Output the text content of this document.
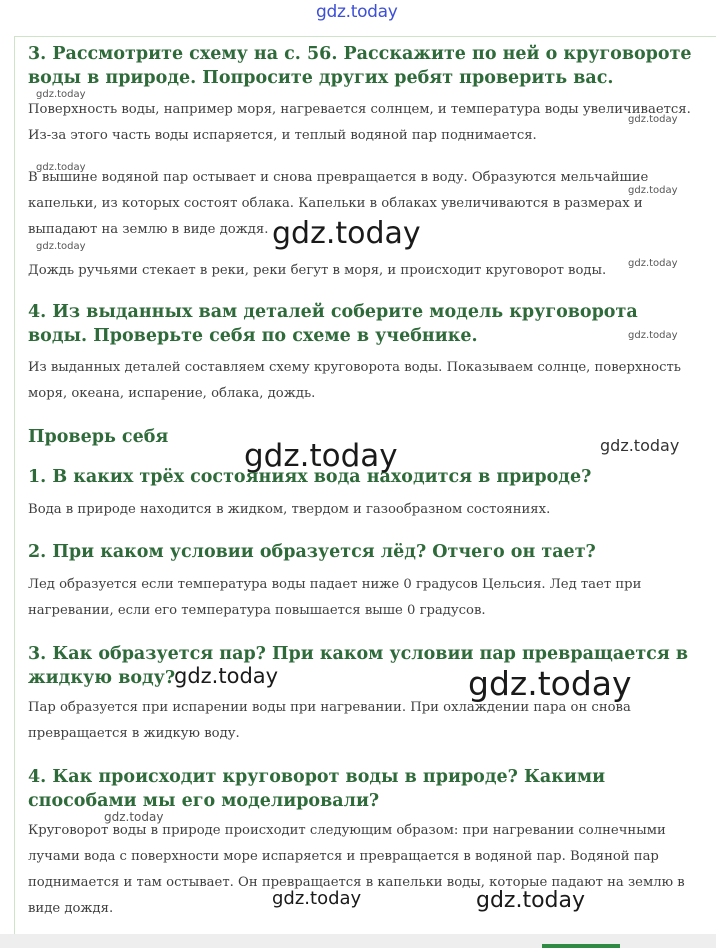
gdz.today
3. Рассмотрите схему на с. 56. Расскажите по ней о круговороте воды в природе. Попросите других ребят проверить вас.

Поверхность воды, например моря, нагревается солнцем, и температура воды увеличивается. Из-за этого часть воды испаряется, и теплый водяной пар поднимается.

В вышине водяной пар остывает и снова превращается в воду. Образуются мельчайшие капельки, из которых состоят облака. Капельки в облаках увеличиваются в размерах и выпадают на землю в виде дождя.

Дождь ручьями стекает в реки, реки бегут в моря, и происходит круговорот воды.

4. Из выданных вам деталей соберите модель круговорота воды. Проверьте себя по схеме в учебнике.

Из выданных деталей составляем схему круговорота воды. Показываем солнце, поверхность моря, океана, испарение, облака, дождь.

Проверь себя
1. В каких трёх состояниях вода находится в природе?

Вода в природе находится в жидком, твердом и газообразном состояниях.

2. При каком условии образуется лёд? Отчего он тает?

Лед образуется если температура воды падает ниже 0 градусов Цельсия. Лед тает при нагревании, если его температура повышается выше 0 градусов.

3. Как образуется пар? При каком условии пар превращается в жидкую воду?

Пар образуется при испарении воды при нагревании. При охлаждении пара он снова превращается в жидкую воду.

4. Как происходит круговорот воды в природе? Какими способами мы его моделировали?

Круговорот воды в природе происходит следующим образом: при нагревании солнечными лучами вода с поверхности море испаряется и превращается в водяной пар. Водяной пар поднимается и там остывает. Он превращается в капельки воды, которые падают на землю в виде дождя.

gdz.today
gdz.today
gdz.today
gdz.today
gdz.today
gdz.today
gdz.today
gdz.today
gdz.today
gdz.today
gdz.today
gdz.today	gdz.today
gdz.today	gdz.today
